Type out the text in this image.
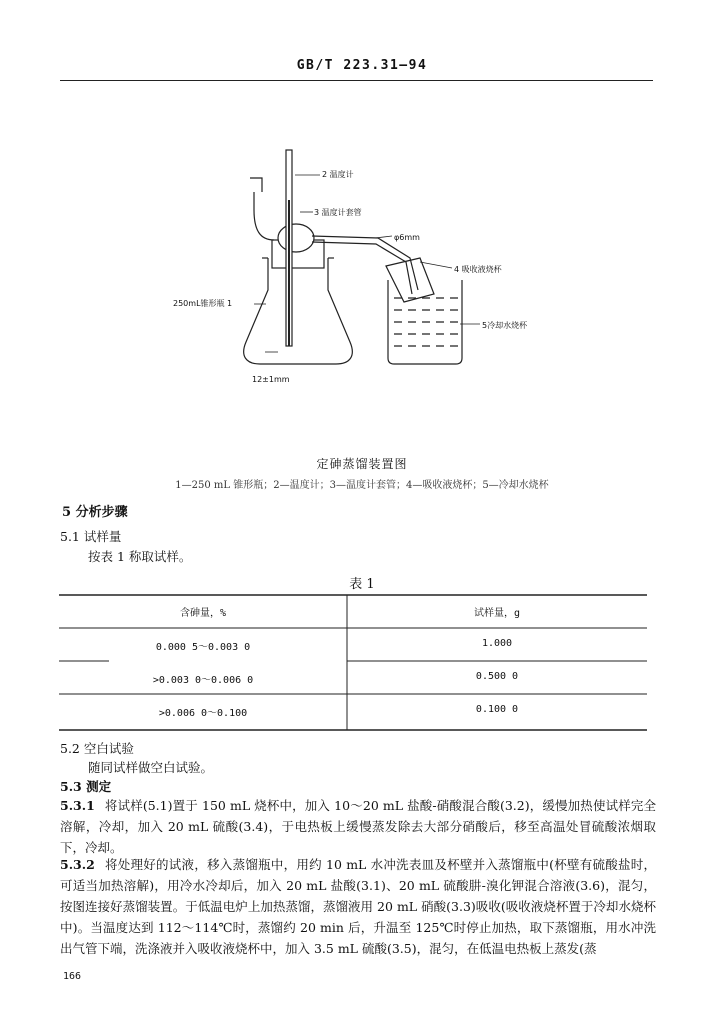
GB/T 223.31—94
2 温度计
3 温度计套管
φ6mm
4 吸收液烧杯
250mL锥形瓶 1
5冷却水烧杯
12±1mm
定砷蒸馏装置图
1—250 mL 锥形瓶；2—温度计；3—温度计套管；4—吸收液烧杯；5—冷却水烧杯
5 分析步骤
5.1 试样量
按表 1 称取试样。
表 1
含砷量，%	试样量，g
0.000 5～0.003 0	1.000
>0.003 0～0.006 0	0.500 0
>0.006 0～0.100	0.100 0
5.2 空白试验
随同试样做空白试验。
5.3 测定
5.3.1 将试样(5.1)置于 150 mL 烧杯中，加入 10～20 mL 盐酸-硝酸混合酸(3.2)，缓慢加热使试样完全溶解，冷却，加入 20 mL 硫酸(3.4)，于电热板上缓慢蒸发除去大部分硝酸后，移至高温处冒硫酸浓烟取下，冷却。
5.3.2 将处理好的试液，移入蒸馏瓶中，用约 10 mL 水冲洗表皿及杯壁并入蒸馏瓶中(杯壁有硫酸盐时，可适当加热溶解)，用冷水冷却后，加入 20 mL 盐酸(3.1)、20 mL 硫酸肼-溴化钾混合溶液(3.6)，混匀，按图连接好蒸馏装置。于低温电炉上加热蒸馏，蒸馏液用 20 mL 硝酸(3.3)吸收(吸收液烧杯置于冷却水烧杯中)。当温度达到 112～114℃时，蒸馏约 20 min 后，升温至 125℃时停止加热，取下蒸馏瓶，用水冲洗出气管下端，洗涤液并入吸收液烧杯中，加入 3.5 mL 硫酸(3.5)，混匀，在低温电热板上蒸发(蒸
166
